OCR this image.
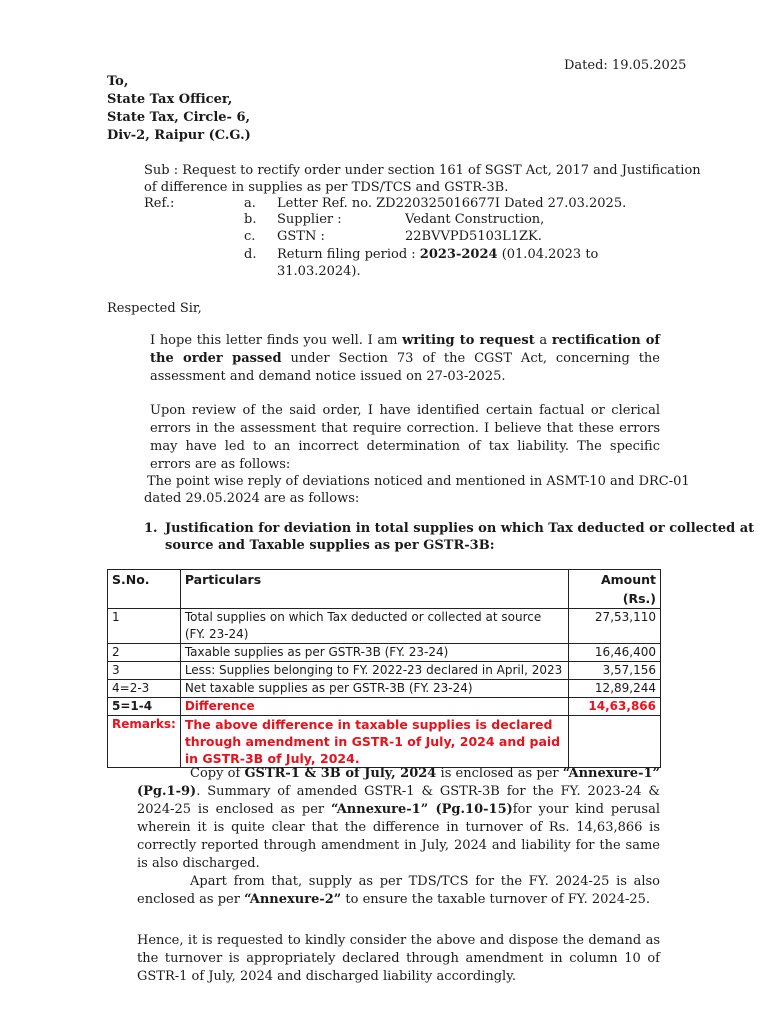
Dated: 19.05.2025
To,
State Tax Officer,
State Tax, Circle- 6,
Div-2, Raipur (C.G.)
Sub : Request to rectify order under section 161 of SGST Act, 2017 and Justification
of difference in supplies as per TDS/TCS and GSTR-3B.
Ref.:	a. Letter Ref. no. ZD220325016677I Dated 27.03.2025.
b. Supplier :	Vedant Construction,
c. GSTN :	22BVVPD5103L1ZK.
d. Return filing period : 2023-2024 (01.04.2023 to
31.03.2024).
Respected Sir,
I hope this letter finds you well. I am writing to request a rectification of the order passed under Section 73 of the CGST Act, concerning the assessment and demand notice issued on 27-03-2025.
Upon review of the said order, I have identified certain factual or clerical errors in the assessment that require correction. I believe that these errors may have led to an incorrect determination of tax liability. The specific errors are as follows:
The point wise reply of deviations noticed and mentioned in ASMT-10 and DRC-01
dated 29.05.2024 are as follows:
1. Justification for deviation in total supplies on which Tax deducted or collected at
source and Taxable supplies as per GSTR-3B:
S.No.	Particulars	Amount (Rs.)
1	Total supplies on which Tax deducted or collected at source (FY. 23-24)	27,53,110
2	Taxable supplies as per GSTR-3B (FY. 23-24)	16,46,400
3	Less: Supplies belonging to FY. 2022-23 declared in April, 2023	3,57,156
4=2-3	Net taxable supplies as per GSTR-3B (FY. 23-24)	12,89,244
5=1-4	Difference	14,63,866
Remarks:	The above difference in taxable supplies is declared through amendment in GSTR-1 of July, 2024 and paid in GSTR-3B of July, 2024.	
Copy of GSTR-1 & 3B of July, 2024 is enclosed as per “Annexure-1” (Pg.1-9). Summary of amended GSTR-1 & GSTR-3B for the FY. 2023-24 & 2024-25 is enclosed as per “Annexure-1” (Pg.10-15)for your kind perusal wherein it is quite clear that the difference in turnover of Rs. 14,63,866 is correctly reported through amendment in July, 2024 and liability for the same is also discharged.
Apart from that, supply as per TDS/TCS for the FY. 2024-25 is also enclosed as per “Annexure-2” to ensure the taxable turnover of FY. 2024-25.
Hence, it is requested to kindly consider the above and dispose the demand as the turnover is appropriately declared through amendment in column 10 of GSTR-1 of July, 2024 and discharged liability accordingly.
